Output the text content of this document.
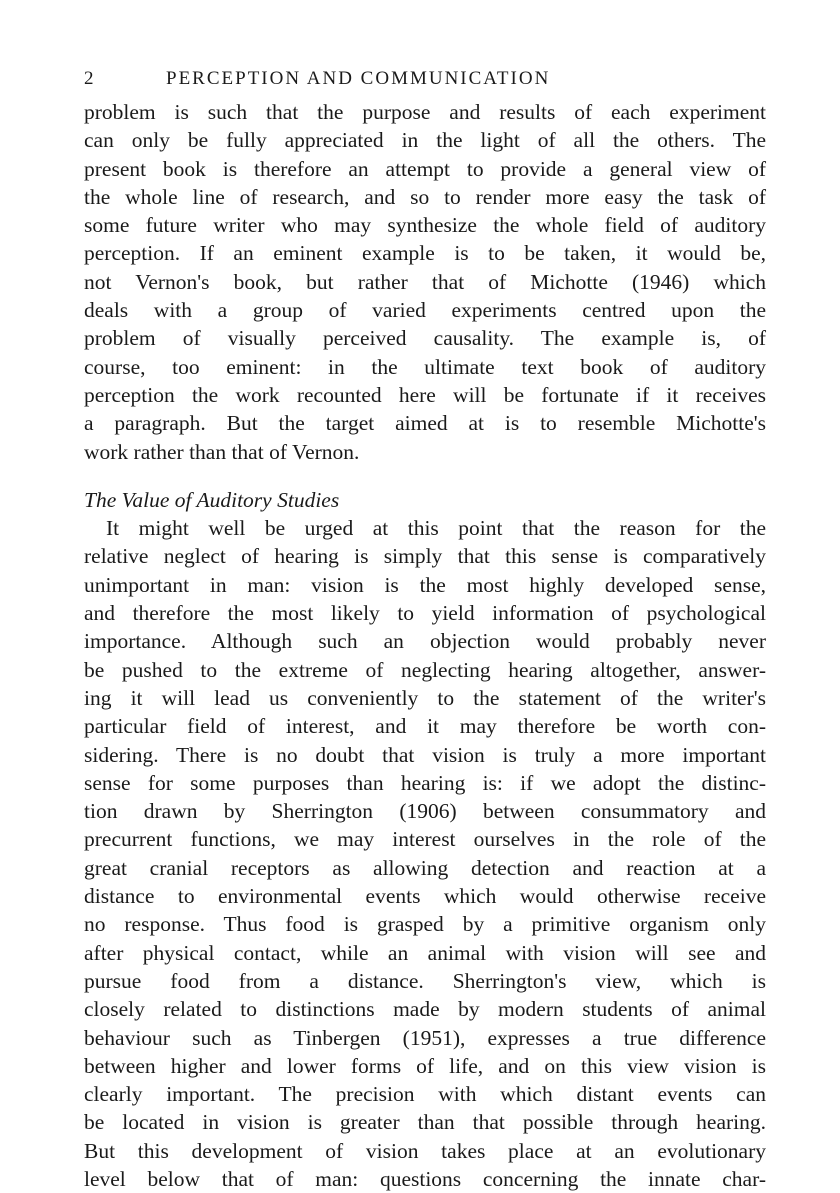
2	PERCEPTION AND COMMUNICATION
problem is such that the purpose and results of each experiment
can only be fully appreciated in the light of all the others. The
present book is therefore an attempt to provide a general view of
the whole line of research, and so to render more easy the task of
some future writer who may synthesize the whole field of auditory
perception. If an eminent example is to be taken, it would be,
not Vernon's book, but rather that of Michotte (1946) which
deals with a group of varied experiments centred upon the
problem of visually perceived causality. The example is, of
course, too eminent: in the ultimate text book of auditory
perception the work recounted here will be fortunate if it receives
a paragraph. But the target aimed at is to resemble Michotte's
work rather than that of Vernon.
The Value of Auditory Studies
It might well be urged at this point that the reason for the
relative neglect of hearing is simply that this sense is comparatively
unimportant in man: vision is the most highly developed sense,
and therefore the most likely to yield information of psychological
importance. Although such an objection would probably never
be pushed to the extreme of neglecting hearing altogether, answer-
ing it will lead us conveniently to the statement of the writer's
particular field of interest, and it may therefore be worth con-
sidering. There is no doubt that vision is truly a more important
sense for some purposes than hearing is: if we adopt the distinc-
tion drawn by Sherrington (1906) between consummatory and
precurrent functions, we may interest ourselves in the role of the
great cranial receptors as allowing detection and reaction at a
distance to environmental events which would otherwise receive
no response. Thus food is grasped by a primitive organism only
after physical contact, while an animal with vision will see and
pursue food from a distance. Sherrington's view, which is
closely related to distinctions made by modern students of animal
behaviour such as Tinbergen (1951), expresses a true difference
between higher and lower forms of life, and on this view vision is
clearly important. The precision with which distant events can
be located in vision is greater than that possible through hearing.
But this development of vision takes place at an evolutionary
level below that of man: questions concerning the innate char-
